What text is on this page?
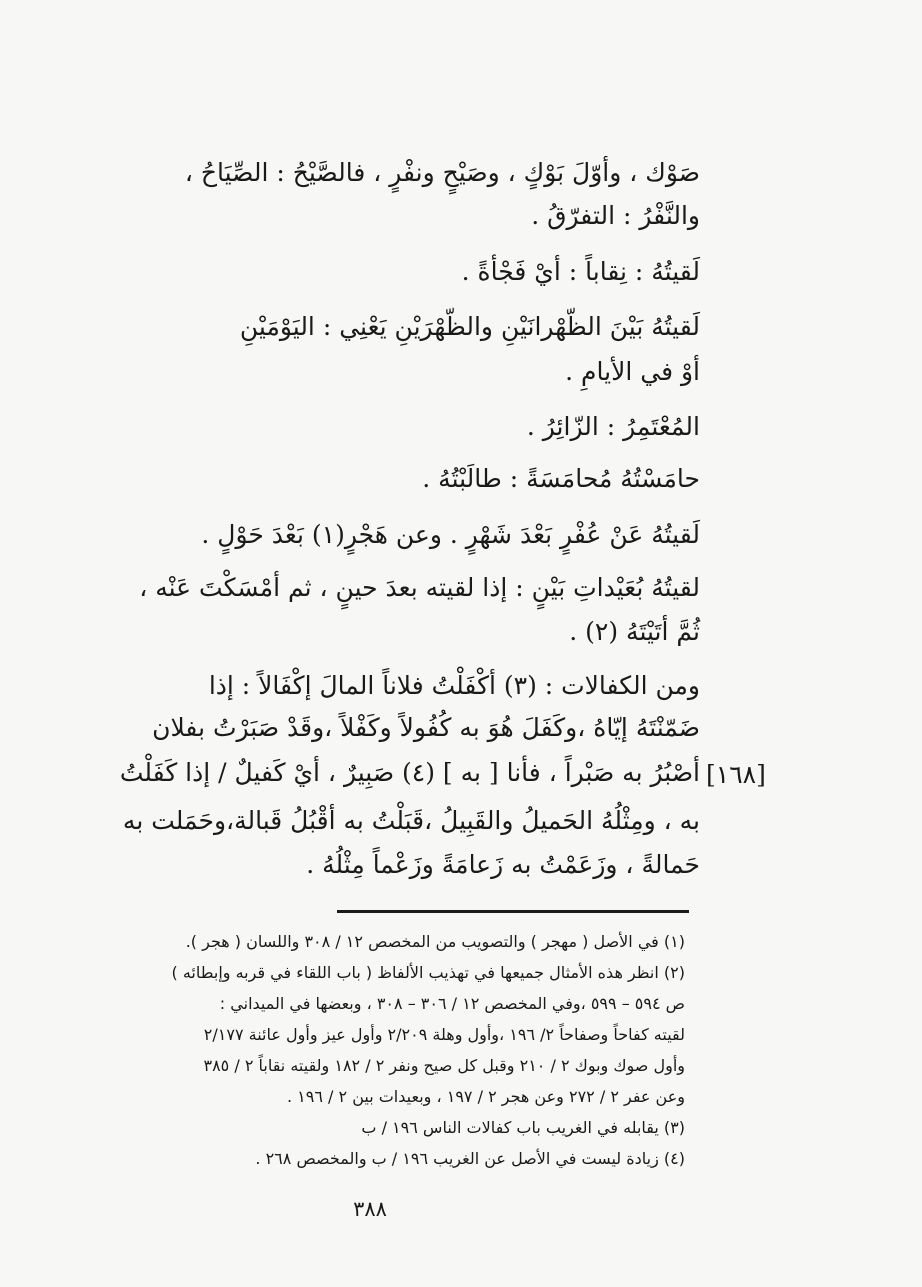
صَوْك ، وأوّلَ بَوْكٍ ، وصَيْحٍ ونفْرٍ ، فالصَّيْحُ : الصِّيَاحُ ،
والنَّفْرُ : التفرّقُ .
لَقيتُهُ : نِقاباً : أيْ فَجْأةً .
لَقيتُهُ بَيْنَ الظّهْرانَيْنِ والظّهْرَيْنِ يَعْنِي : اليَوْمَيْنِ
أوْ في الأيامِ .
المُعْتَمِرُ : الزّائِرُ .
حامَسْتُهُ مُحامَسَةً : طالَبْتُهُ .
لَقيتُهُ عَنْ عُفْرٍ بَعْدَ شَهْرٍ . وعن هَجْرٍ(١) بَعْدَ حَوْلٍ .
لقيتُهُ بُعَيْداتِ بَيْنٍ : إذا لقيته بعدَ حينٍ ، ثم أمْسَكْتَ عَنْه ،
ثُمَّ أتَيْتَهُ (٢) .
ومن الكفالات : (٣) أكْفَلْتُ فلاناً المالَ إكْفَالاً : إذا
ضَمّنْتَهُ إيّاهُ ،وكَفَلَ هُوَ به كُفُولاً وكَفْلاً ،وقَدْ صَبَرْتُ بفلان
أصْبُرُ به صَبْراً ، فأنا [ به ] (٤) صَبِيرٌ ، أيْ كَفيلٌ / إذا كَفَلْتُ
به ، ومِثْلُهُ الحَميلُ والقَبِيلُ ،قَبَلْتُ به أقْبُلُ قَبالة،وحَمَلت به
حَمالةً ، وزَعَمْتُ به زَعامَةً وزَعْماً مِثْلُهُ .
[١٦٨]
(١) في الأصل ( مهجر ) والتصويب من المخصص ١٢ / ٣٠٨ واللسان ( هجر ).
(٢) انظر هذه الأمثال جميعها في تهذيب الألفاظ ( باب اللقاء في قربه وإبطائه )
ص ٥٩٤ – ٥٩٩ ،وفي المخصص ١٢ / ٣٠٦ – ٣٠٨ ، وبعضها في الميداني :
لقيته كفاحاً وصفاحاً ٢/ ١٩٦ ،وأول وهلة ٢/٢٠٩ وأول عيز وأول عائنة ٢/١٧٧
وأول صوك وبوك ٢ / ٢١٠ وقبل كل صيح ونفر ٢ / ١٨٢ ولقيته نقاباً ٢ / ٣٨٥
وعن عفر ٢ / ٢٧٢ وعن هجر ٢ / ١٩٧ ، وبعيدات بين ٢ / ١٩٦ .
(٣) يقابله في الغريب باب كفالات الناس ١٩٦ / ب
(٤) زيادة ليست في الأصل عن الغريب ١٩٦ / ب والمخصص ٢٦٨ .
٣٨٨
